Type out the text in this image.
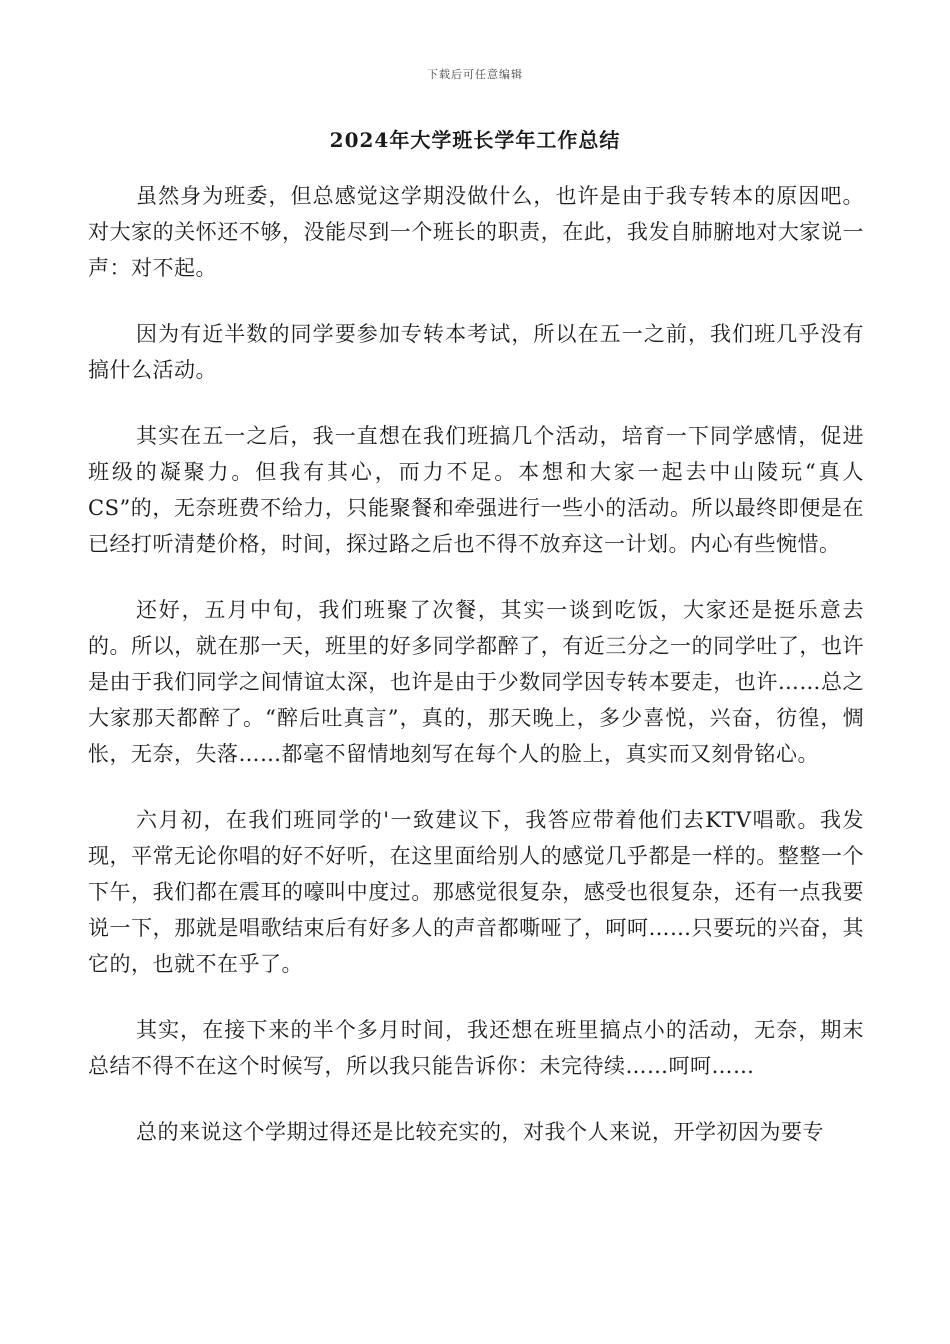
下载后可任意编辑
2024年大学班长学年工作总结

虽然身为班委，但总感觉这学期没做什么，也许是由于我专转本的原因吧。对大家的关怀还不够，没能尽到一个班长的职责，在此，我发自肺腑地对大家说一声：对不起。

因为有近半数的同学要参加专转本考试，所以在五一之前，我们班几乎没有搞什么活动。

其实在五一之后，我一直想在我们班搞几个活动，培育一下同学感情，促进班级的凝聚力。但我有其心，而力不足。本想和大家一起去中山陵玩“真人CS”的，无奈班费不给力，只能聚餐和牵强进行一些小的活动。所以最终即便是在已经打听清楚价格，时间，探过路之后也不得不放弃这一计划。内心有些惋惜。

还好，五月中旬，我们班聚了次餐，其实一谈到吃饭，大家还是挺乐意去的。所以，就在那一天，班里的好多同学都醉了，有近三分之一的同学吐了，也许是由于我们同学之间情谊太深，也许是由于少数同学因专转本要走，也许……总之大家那天都醉了。“醉后吐真言”，真的，那天晚上，多少喜悦，兴奋，彷徨，惆怅，无奈，失落……都毫不留情地刻写在每个人的脸上，真实而又刻骨铭心。

六月初，在我们班同学的'一致建议下，我答应带着他们去KTV唱歌。我发现，平常无论你唱的好不好听，在这里面给别人的感觉几乎都是一样的。整整一个下午，我们都在震耳的嚎叫中度过。那感觉很复杂，感受也很复杂，还有一点我要说一下，那就是唱歌结束后有好多人的声音都嘶哑了，呵呵……只要玩的兴奋，其它的，也就不在乎了。

其实，在接下来的半个多月时间，我还想在班里搞点小的活动，无奈，期末总结不得不在这个时候写，所以我只能告诉你：未完待续……呵呵……

总的来说这个学期过得还是比较充实的，对我个人来说，开学初因为要专
